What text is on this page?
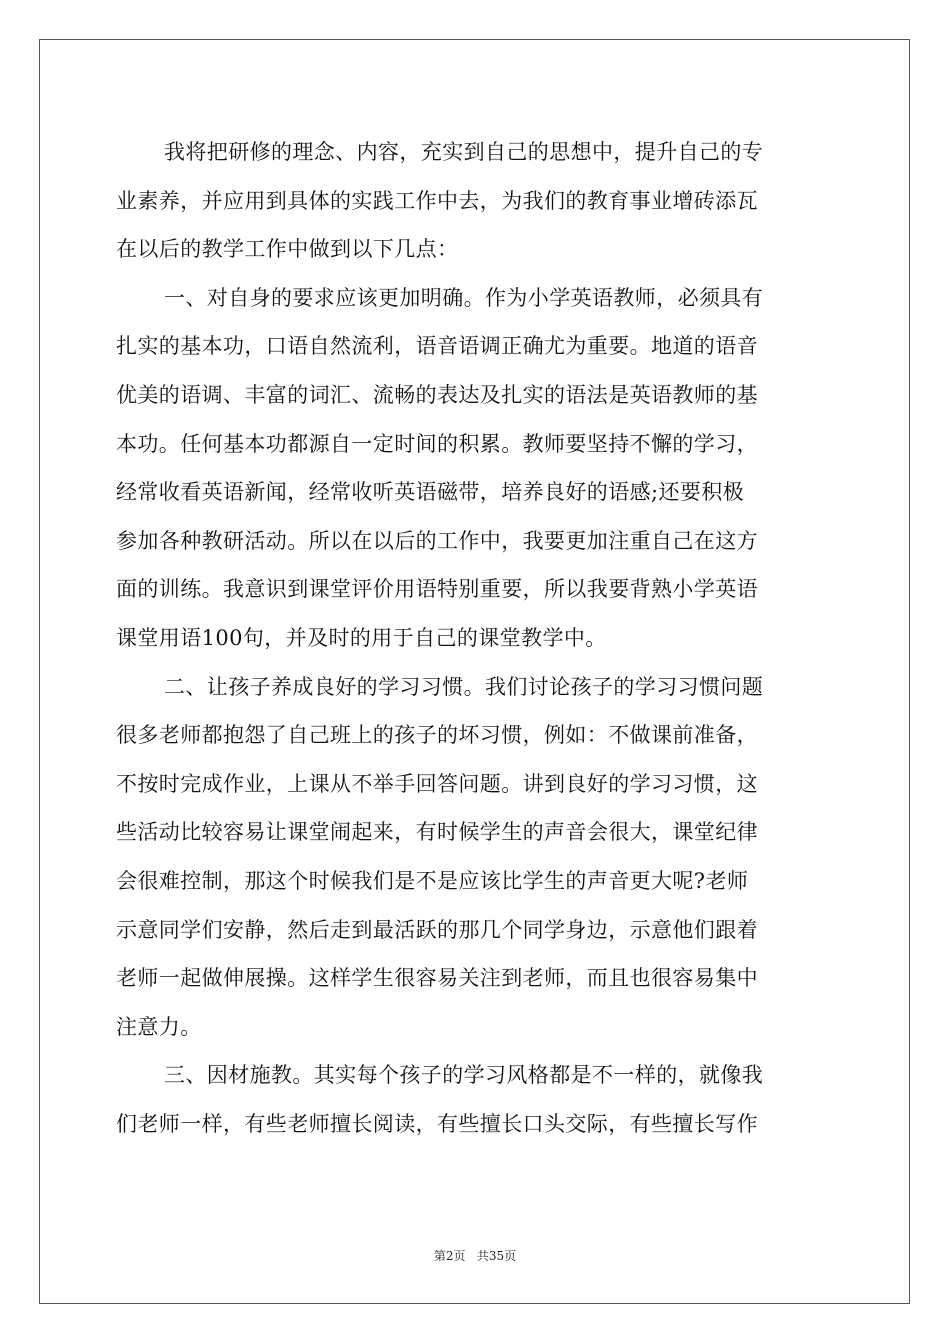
我将把研修的理念、内容，充实到自己的思想中，提升自己的专
业素养，并应用到具体的实践工作中去，为我们的教育事业增砖添瓦
在以后的教学工作中做到以下几点：
一、对自身的要求应该更加明确。作为小学英语教师，必须具有
扎实的基本功，口语自然流利，语音语调正确尤为重要。地道的语音
优美的语调、丰富的词汇、流畅的表达及扎实的语法是英语教师的基
本功。任何基本功都源自一定时间的积累。教师要坚持不懈的学习，
经常收看英语新闻，经常收听英语磁带，培养良好的语感;还要积极
参加各种教研活动。所以在以后的工作中，我要更加注重自己在这方
面的训练。我意识到课堂评价用语特别重要，所以我要背熟小学英语
课堂用语100句，并及时的用于自己的课堂教学中。
二、让孩子养成良好的学习习惯。我们讨论孩子的学习习惯问题
很多老师都抱怨了自己班上的孩子的坏习惯，例如：不做课前准备，
不按时完成作业，上课从不举手回答问题。讲到良好的学习习惯，这
些活动比较容易让课堂闹起来，有时候学生的声音会很大，课堂纪律
会很难控制，那这个时候我们是不是应该比学生的声音更大呢?老师
示意同学们安静，然后走到最活跃的那几个同学身边，示意他们跟着
老师一起做伸展操。这样学生很容易关注到老师，而且也很容易集中
注意力。
三、因材施教。其实每个孩子的学习风格都是不一样的，就像我
们老师一样，有些老师擅长阅读，有些擅长口头交际，有些擅长写作
第2页   共35页
